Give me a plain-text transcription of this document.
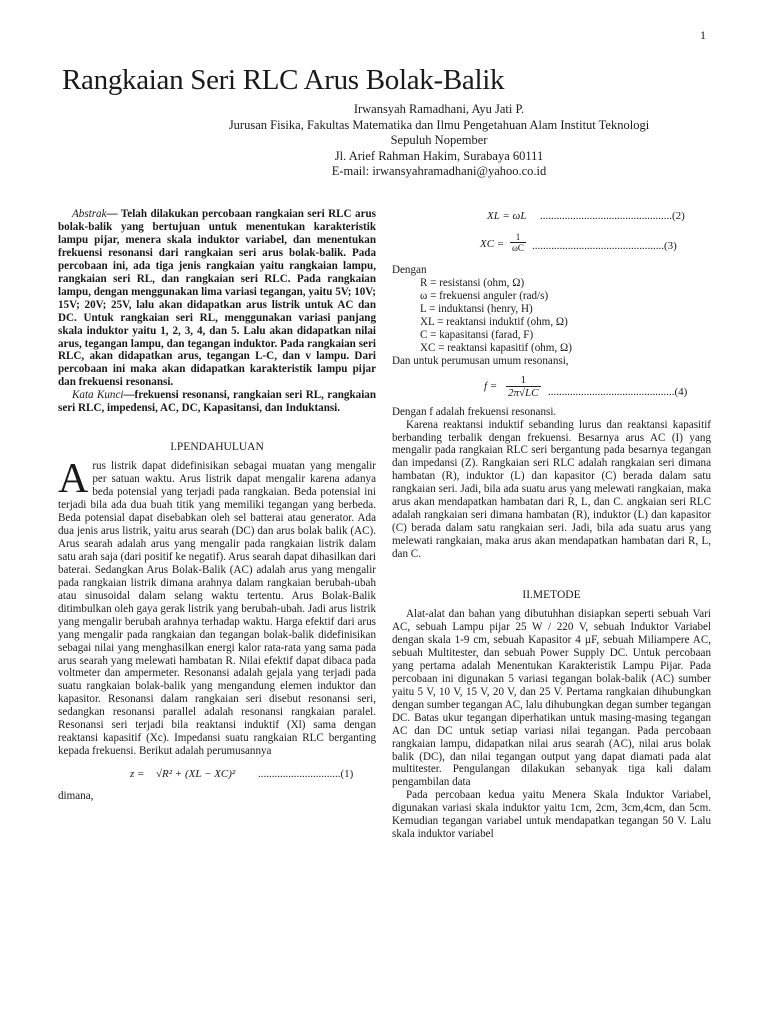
1
Rangkaian Seri RLC Arus Bolak-Balik
Irwansyah Ramadhani, Ayu Jati P.
Jurusan Fisika, Fakultas Matematika dan Ilmu Pengetahuan Alam Institut Teknologi
Sepuluh Nopember
Jl. Arief Rahman Hakim, Surabaya 60111
E-mail: irwansyahramadhani@yahoo.co.id

Abstrak— Telah dilakukan percobaan rangkaian seri RLC arus bolak-balik yang bertujuan untuk menentukan karakteristik lampu pijar, menera skala induktor variabel, dan menentukan frekuensi resonansi dari rangkaian seri arus bolak-balik. Pada percobaan ini, ada tiga jenis rangkaian yaitu rangkaian lampu, rangkaian seri RL, dan rangkaian seri RLC. Pada rangkaian lampu, dengan menggunakan lima variasi tegangan, yaitu 5V; 10V; 15V; 20V; 25V, lalu akan didapatkan arus listrik untuk AC dan DC. Untuk rangkaian seri RL, menggunakan variasi panjang skala induktor yaitu 1, 2, 3, 4, dan 5. Lalu akan didapatkan nilai arus, tegangan lampu, dan tegangan induktor. Pada rangkaian seri RLC, akan didapatkan arus, tegangan L-C, dan v lampu. Dari percobaan ini maka akan didapatkan karakteristik lampu pijar dan frekuensi resonansi.

Kata Kunci—frekuensi resonansi, rangkaian seri RL, rangkaian seri RLC, impedensi, AC, DC, Kapasitansi, dan Induktansi.

I.PENDAHULUAN

Arus listrik dapat didefinisikan sebagai muatan yang mengalir per satuan waktu. Arus listrik dapat mengalir karena adanya beda potensial yang terjadi pada rangkaian. Beda potensial ini terjadi bila ada dua buah titik yang memiliki tegangan yang berbeda. Beda potensial dapat disebabkan oleh sel batterai atau generator. Ada dua jenis arus listrik, yaitu arus searah (DC) dan arus bolak balik (AC). Arus searah adalah arus yang mengalir pada rangkaian listrik dalam satu arah saja (dari positif ke negatif). Arus searah dapat dihasilkan dari baterai. Sedangkan Arus Bolak-Balik (AC) adalah arus yang mengalir pada rangkaian listrik dimana arahnya dalam rangkaian berubah-ubah atau sinusoidal dalam selang waktu tertentu. Arus Bolak-Balik ditimbulkan oleh gaya gerak listrik yang berubah-ubah. Jadi arus listrik yang mengalir berubah arahnya terhadap waktu. Harga efektif dari arus yang mengalir pada rangkaian dan tegangan bolak-balik didefinisikan sebagai nilai yang menghasilkan energi kalor rata-rata yang sama pada arus searah yang melewati hambatan R. Nilai efektif dapat dibaca pada voltmeter dan ampermeter. Resonansi adalah gejala yang terjadi pada suatu rangkaian bolak-balik yang mengandung elemen induktor dan kapasitor. Resonansi dalam rangkaian seri disebut resonansi seri, sedangkan resonansi parallel adalah resonansi rangkaian paralel. Resonansi seri terjadi bila reaktansi induktif (Xl) sama dengan reaktansi kapasitif (Xc). Impedansi suatu rangkaian RLC berganting kepada frekuensi. Berikut adalah perumusannya

z = √R² + (XL − XC)² ..............................(1)

dimana,

XL = ωL ................................................(2)
XC = $\frac{1}{\omega C} ................................................(3)$

Dengan

R = resistansi (ohm, Ω)
ω = frekuensi anguler (rad/s)
L = induktansi (henry, H)
XL = reaktansi induktif (ohm, Ω)
C = kapasitansi (farad, F)
XC = reaktansi kapasitif (ohm, Ω)

Dan untuk perumusan umum resonansi,

$f = \frac{1}{2\pi√LC} ..............................................(4)$

Dengan f adalah frekuensi resonansi.

Karena reaktansi induktif sebanding lurus dan reaktansi kapasitif berbanding terbalik dengan frekuensi. Besarnya arus AC (I) yang mengalir pada rangkaian RLC seri bergantung pada besarnya tegangan dan impedansi (Z). Rangkaian seri RLC adalah rangkaian seri dimana hambatan (R), induktor (L) dan kapasitor (C) berada dalam satu rangkaian seri. Jadi, bila ada suatu arus yang melewati rangkaian, maka arus akan mendapatkan hambatan dari R, L, dan C. angkaian seri RLC adalah rangkaian seri dimana hambatan (R), induktor (L) dan kapasitor (C) berada dalam satu rangkaian seri. Jadi, bila ada suatu arus yang melewati rangkaian, maka arus akan mendapatkan hambatan dari R, L, dan C.

II.METODE

Alat-alat dan bahan yang dibutuhhan disiapkan seperti sebuah Vari AC, sebuah Lampu pijar 25 W / 220 V, sebuah Induktor Variabel dengan skala 1-9 cm, sebuah Kapasitor 4 µF, sebuah Miliampere AC, sebuah Multitester, dan sebuah Power Supply DC. Untuk percobaan yang pertama adalah Menentukan Karakteristik Lampu Pijar. Pada percobaan ini digunakan 5 variasi tegangan bolak-balik (AC) sumber yaitu 5 V, 10 V, 15 V, 20 V, dan 25 V. Pertama rangkaian dihubungkan dengan sumber tegangan AC, lalu dihubungkan degan sumber tegangan DC. Batas ukur tegangan diperhatikan untuk masing-masing tegangan AC dan DC untuk setiap variasi nilai tegangan. Pada percobaan rangkaian lampu, didapatkan nilai arus searah (AC), nilai arus bolak balik (DC), dan nilai tegangan output yang dapat diamati pada alat multitester. Pengulangan dilakukan sebanyak tiga kali dalam pengambilan data

Pada percobaan kedua yaitu Menera Skala Induktor Variabel, digunakan variasi skala induktor yaitu 1cm, 2cm, 3cm,4cm, dan 5cm. Kemudian tegangan variabel untuk mendapatkan tegangan 50 V. Lalu skala induktor variabel
